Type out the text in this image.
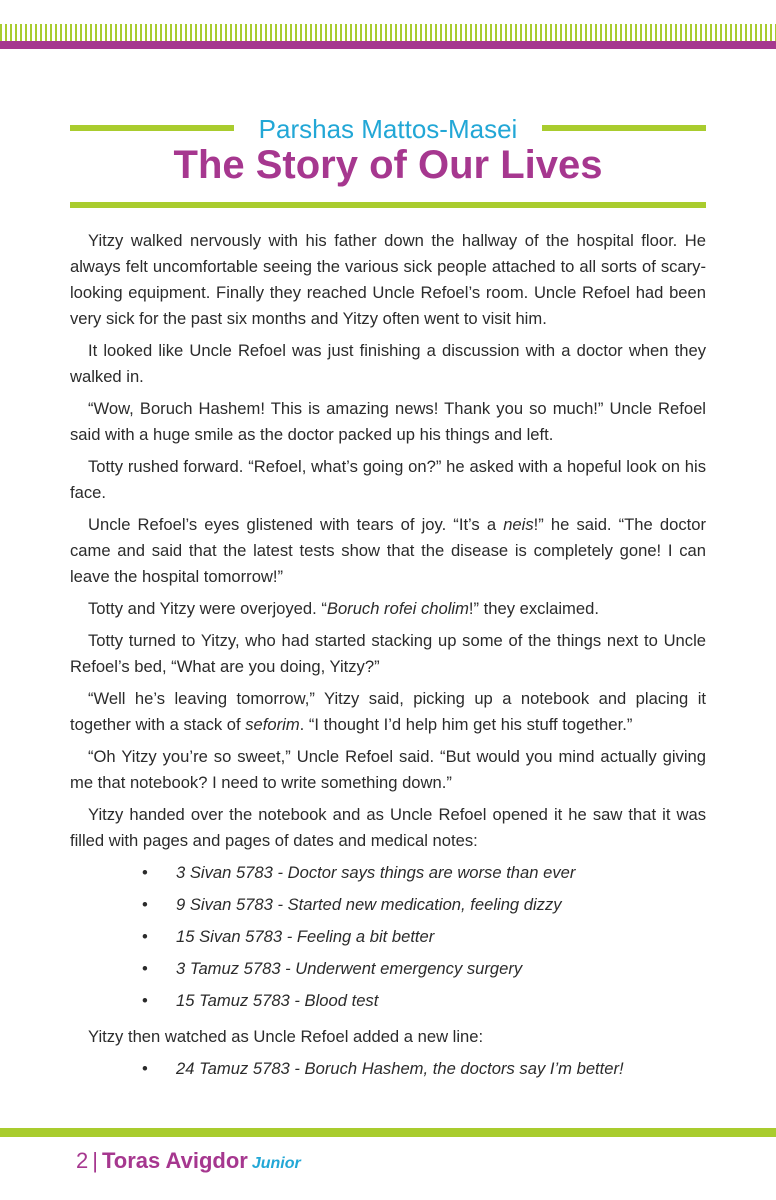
Parshas Mattos-Masei
The Story of Our Lives

Yitzy walked nervously with his father down the hallway of the hospital floor. He always felt uncomfortable seeing the various sick people attached to all sorts of scary-looking equipment. Finally they reached Uncle Refoel’s room. Uncle Refoel had been very sick for the past six months and Yitzy often went to visit him.

It looked like Uncle Refoel was just finishing a discussion with a doctor when they walked in.

“Wow, Boruch Hashem! This is amazing news! Thank you so much!” Uncle Refoel said with a huge smile as the doctor packed up his things and left.

Totty rushed forward. “Refoel, what’s going on?” he asked with a hopeful look on his face.

Uncle Refoel’s eyes glistened with tears of joy. “It’s a neis!” he said. “The doctor came and said that the latest tests show that the disease is completely gone! I can leave the hospital tomorrow!”

Totty and Yitzy were overjoyed. “Boruch rofei cholim!” they exclaimed.

Totty turned to Yitzy, who had started stacking up some of the things next to Uncle Refoel’s bed, “What are you doing, Yitzy?”

“Well he’s leaving tomorrow,” Yitzy said, picking up a notebook and placing it together with a stack of seforim. “I thought I’d help him get his stuff together.”

“Oh Yitzy you’re so sweet,” Uncle Refoel said. “But would you mind actually giving me that notebook? I need to write something down.”

Yitzy handed over the notebook and as Uncle Refoel opened it he saw that it was filled with pages and pages of dates and medical notes:

• 3 Sivan 5783 - Doctor says things are worse than ever
• 9 Sivan 5783 - Started new medication, feeling dizzy
• 15 Sivan 5783 - Feeling a bit better
• 3 Tamuz 5783 - Underwent emergency surgery
• 15 Tamuz 5783 - Blood test

Yitzy then watched as Uncle Refoel added a new line:

• 24 Tamuz 5783 - Boruch Hashem, the doctors say I’m better!
2 | Toras Avigdor Junior
